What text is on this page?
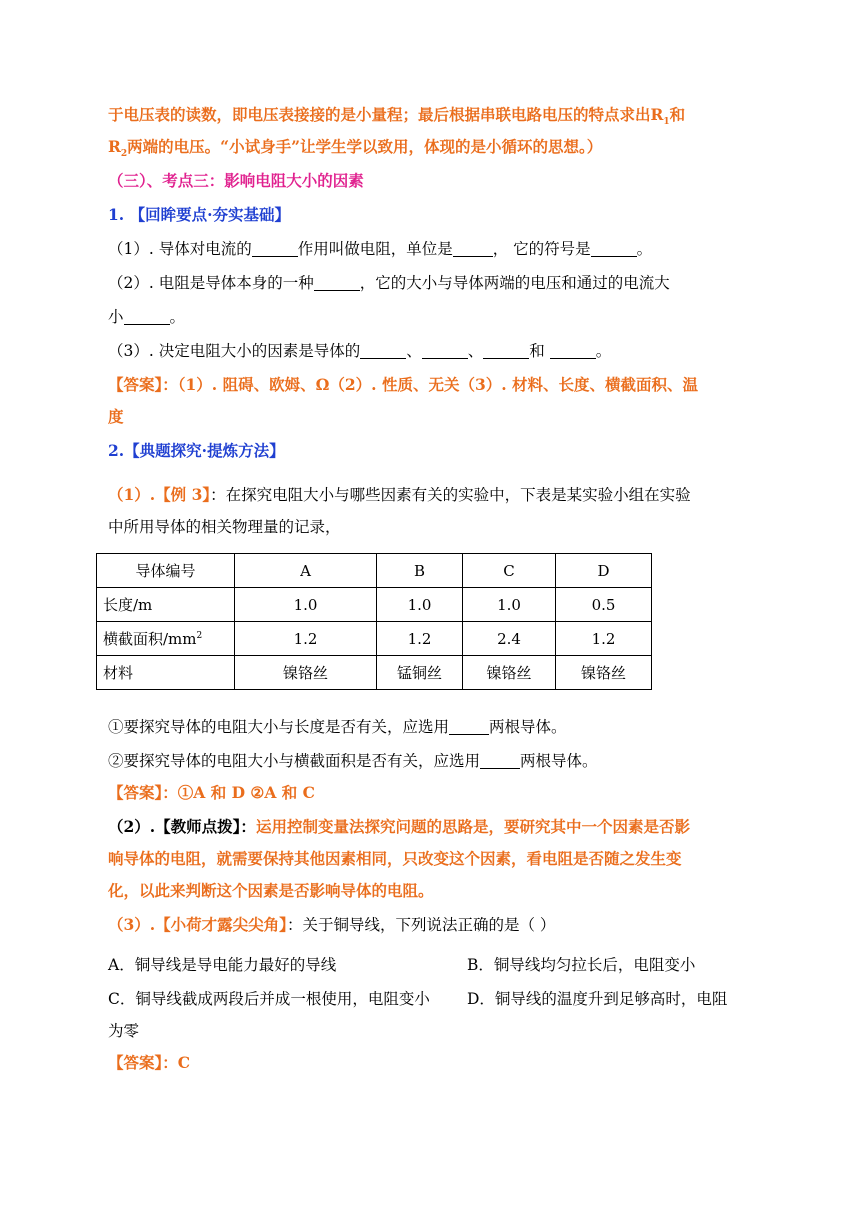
于电压表的读数，即电压表接接的是小量程；最后根据串联电路电压的特点求出$R_1$和
$R_2$两端的电压。“小试身手”让学生学以致用，体现的是小循环的思想。）
（三）、考点三：影响电阻大小的因素
1. 【回眸要点·夯实基础】
（1）. 导体对电流的	作用叫做电阻，单位是	， 它的符号是	。
（2）. 电阻是导体本身的一种	，它的大小与导体两端的电压和通过的电流大
小	。
（3）. 决定电阻大小的因素是导体的	、	、	和	。
【答案】：（1）. 阻碍、欧姆、Ω（2）. 性质、无关（3）. 材料、长度、横截面积、温
度
2.【典题探究·提炼方法】
（1）.【例 3】：在探究电阻大小与哪些因素有关的实验中，下表是某实验小组在实验
中所用导体的相关物理量的记录，
导体编号	A	B	C	D
长度/m	1.0	1.0	1.0	0.5
横截面积$/mm^2$	1.2	1.2	2.4	1.2
材料	镍铬丝	锰铜丝	镍铬丝	镍铬丝
①要探究导体的电阻大小与长度是否有关，应选用	两根导体。
②要探究导体的电阻大小与横截面积是否有关，应选用	两根导体。
【答案】：①A 和 D ②A 和 C
（2）.【教师点拨】：运用控制变量法探究问题的思路是，要研究其中一个因素是否影
响导体的电阻，就需要保持其他因素相同，只改变这个因素，看电阻是否随之发生变
化，以此来判断这个因素是否影响导体的电阻。
（3）.【小荷才露尖尖角】：关于铜导线，下列说法正确的是（ ）
A．铜导线是导电能力最好的导线	B．铜导线均匀拉长后，电阻变小
C．铜导线截成两段后并成一根使用，电阻变小 D．铜导线的温度升到足够高时，电阻
为零
【答案】：C
